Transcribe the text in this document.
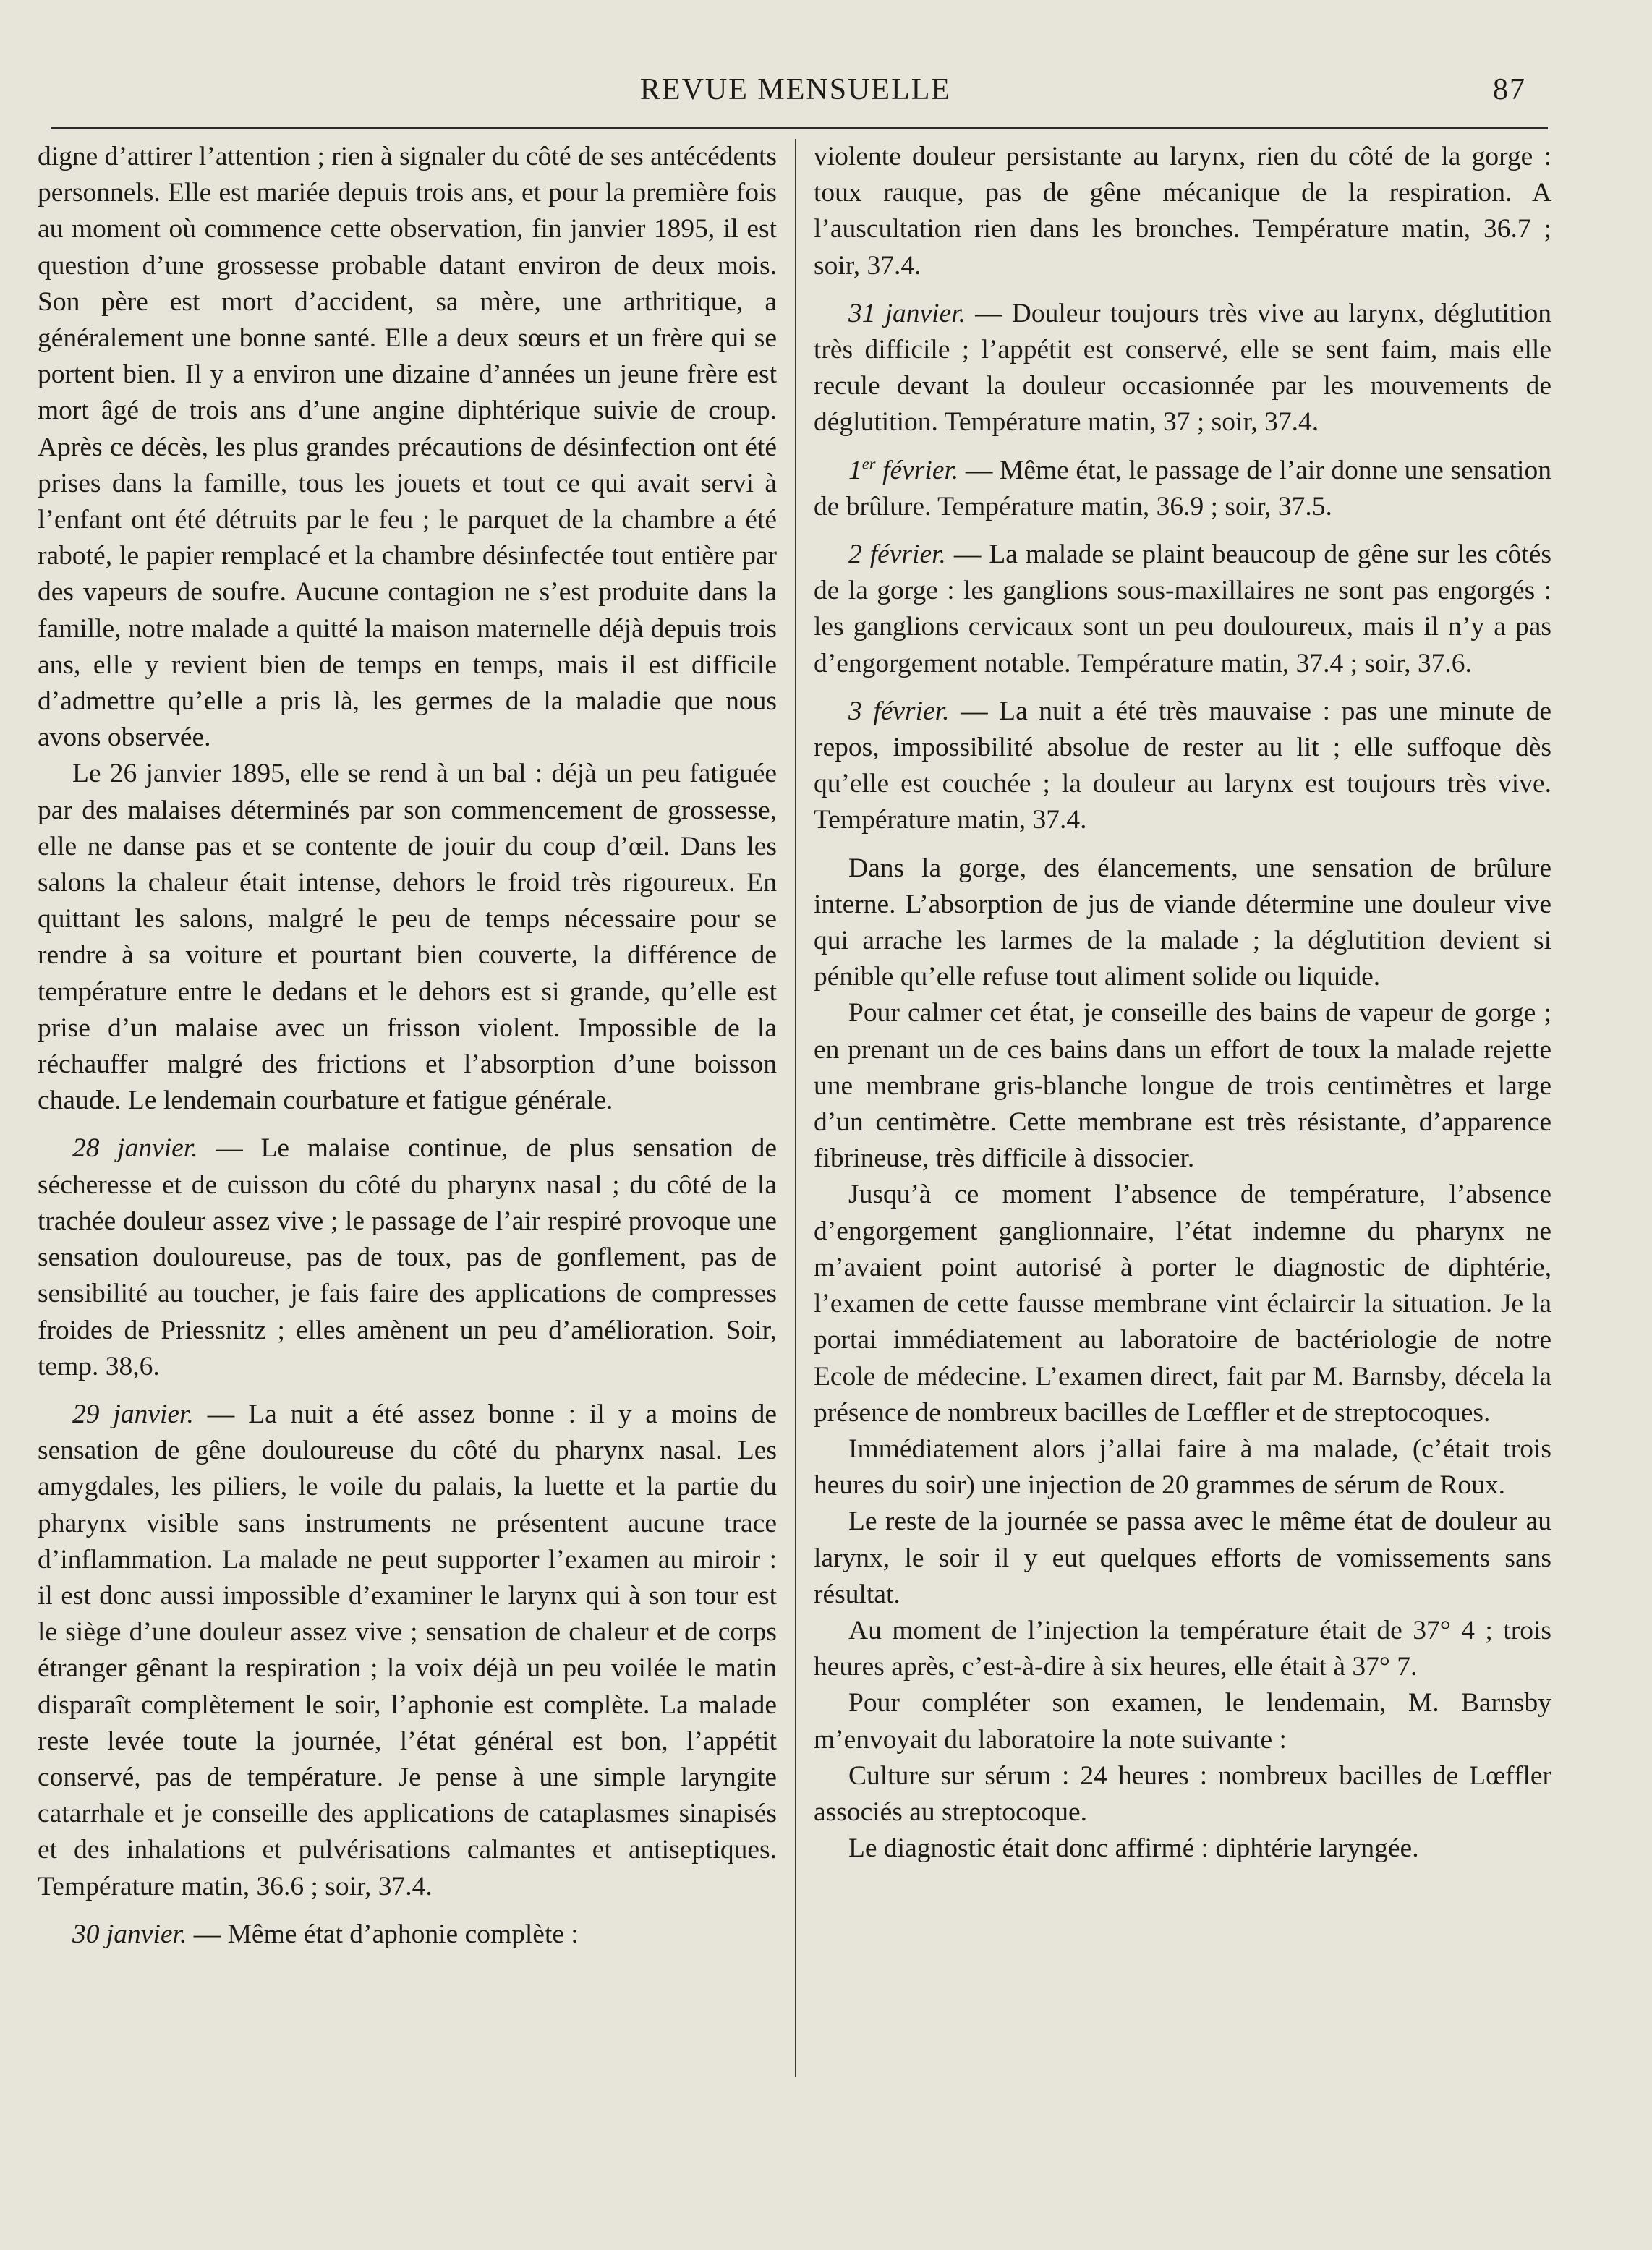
REVUE MENSUELLE	87

digne d’attirer l’attention ; rien à signaler du côté de ses antécédents personnels. Elle est mariée depuis trois ans, et pour la première fois au moment où commence cette observation, fin janvier 1895, il est question d’une grossesse probable datant environ de deux mois. Son père est mort d’accident, sa mère, une arthritique, a généralement une bonne santé. Elle a deux sœurs et un frère qui se portent bien. Il y a environ une dizaine d’années un jeune frère est mort âgé de trois ans d’une angine diphtérique suivie de croup. Après ce décès, les plus grandes précautions de désinfection ont été prises dans la famille, tous les jouets et tout ce qui avait servi à l’enfant ont été détruits par le feu ; le parquet de la chambre a été raboté, le papier remplacé et la chambre désinfectée tout entière par des vapeurs de soufre. Aucune contagion ne s’est produite dans la famille, notre malade a quitté la maison maternelle déjà depuis trois ans, elle y revient bien de temps en temps, mais il est difficile d’admettre qu’elle a pris là, les germes de la maladie que nous avons observée.

Le 26 janvier 1895, elle se rend à un bal : déjà un peu fatiguée par des malaises déterminés par son commencement de grossesse, elle ne danse pas et se contente de jouir du coup d’œil. Dans les salons la chaleur était intense, dehors le froid très rigoureux. En quittant les salons, malgré le peu de temps nécessaire pour se rendre à sa voiture et pourtant bien couverte, la différence de température entre le dedans et le dehors est si grande, qu’elle est prise d’un malaise avec un frisson violent. Impossible de la réchauffer malgré des frictions et l’absorption d’une boisson chaude. Le lendemain courbature et fatigue générale.

28 janvier. — Le malaise continue, de plus sensation de sécheresse et de cuisson du côté du pharynx nasal ; du côté de la trachée douleur assez vive ; le passage de l’air respiré provoque une sensation douloureuse, pas de toux, pas de gonflement, pas de sensibilité au toucher, je fais faire des applications de compresses froides de Priessnitz ; elles amènent un peu d’amélioration. Soir, temp. 38,6.

29 janvier. — La nuit a été assez bonne : il y a moins de sensation de gêne douloureuse du côté du pharynx nasal. Les amygdales, les piliers, le voile du palais, la luette et la partie du pharynx visible sans instruments ne présentent aucune trace d’inflammation. La malade ne peut supporter l’examen au miroir : il est donc aussi impossible d’examiner le larynx qui à son tour est le siège d’une douleur assez vive ; sensation de chaleur et de corps étranger gênant la respiration ; la voix déjà un peu voilée le matin disparaît complètement le soir, l’aphonie est complète. La malade reste levée toute la journée, l’état général est bon, l’appétit conservé, pas de température. Je pense à une simple laryngite catarrhale et je conseille des applications de cataplasmes sinapisés et des inhalations et pulvérisations calmantes et antiseptiques. Température matin, 36.6 ; soir, 37.4.

30 janvier. — Même état d’aphonie complète :

violente douleur persistante au larynx, rien du côté de la gorge : toux rauque, pas de gêne mécanique de la respiration. A l’auscultation rien dans les bronches. Température matin, 36.7 ; soir, 37.4.

31 janvier. — Douleur toujours très vive au larynx, déglutition très difficile ; l’appétit est conservé, elle se sent faim, mais elle recule devant la douleur occasionnée par les mouvements de déglutition. Température matin, 37 ; soir, 37.4.

1er février. — Même état, le passage de l’air donne une sensation de brûlure. Température matin, 36.9 ; soir, 37.5.

2 février. — La malade se plaint beaucoup de gêne sur les côtés de la gorge : les ganglions sous-maxillaires ne sont pas engorgés : les ganglions cervicaux sont un peu douloureux, mais il n’y a pas d’engorgement notable. Température matin, 37.4 ; soir, 37.6.

3 février. — La nuit a été très mauvaise : pas une minute de repos, impossibilité absolue de rester au lit ; elle suffoque dès qu’elle est couchée ; la douleur au larynx est toujours très vive. Température matin, 37.4.

Dans la gorge, des élancements, une sensation de brûlure interne. L’absorption de jus de viande détermine une douleur vive qui arrache les larmes de la malade ; la déglutition devient si pénible qu’elle refuse tout aliment solide ou liquide.

Pour calmer cet état, je conseille des bains de vapeur de gorge ; en prenant un de ces bains dans un effort de toux la malade rejette une membrane gris-blanche longue de trois centimètres et large d’un centimètre. Cette membrane est très résistante, d’apparence fibrineuse, très difficile à dissocier.

Jusqu’à ce moment l’absence de température, l’absence d’engorgement ganglionnaire, l’état indemne du pharynx ne m’avaient point autorisé à porter le diagnostic de diphtérie, l’examen de cette fausse membrane vint éclaircir la situation. Je la portai immédiatement au laboratoire de bactériologie de notre Ecole de médecine. L’examen direct, fait par M. Barnsby, décela la présence de nombreux bacilles de Lœffler et de streptocoques.

Immédiatement alors j’allai faire à ma malade, (c’était trois heures du soir) une injection de 20 grammes de sérum de Roux.

Le reste de la journée se passa avec le même état de douleur au larynx, le soir il y eut quelques efforts de vomissements sans résultat.

Au moment de l’injection la température était de 37° 4 ; trois heures après, c’est-à-dire à six heures, elle était à 37° 7.

Pour compléter son examen, le lendemain, M. Barnsby m’envoyait du laboratoire la note suivante :

Culture sur sérum : 24 heures : nombreux bacilles de Lœffler associés au streptocoque.

Le diagnostic était donc affirmé : diphtérie laryngée.
